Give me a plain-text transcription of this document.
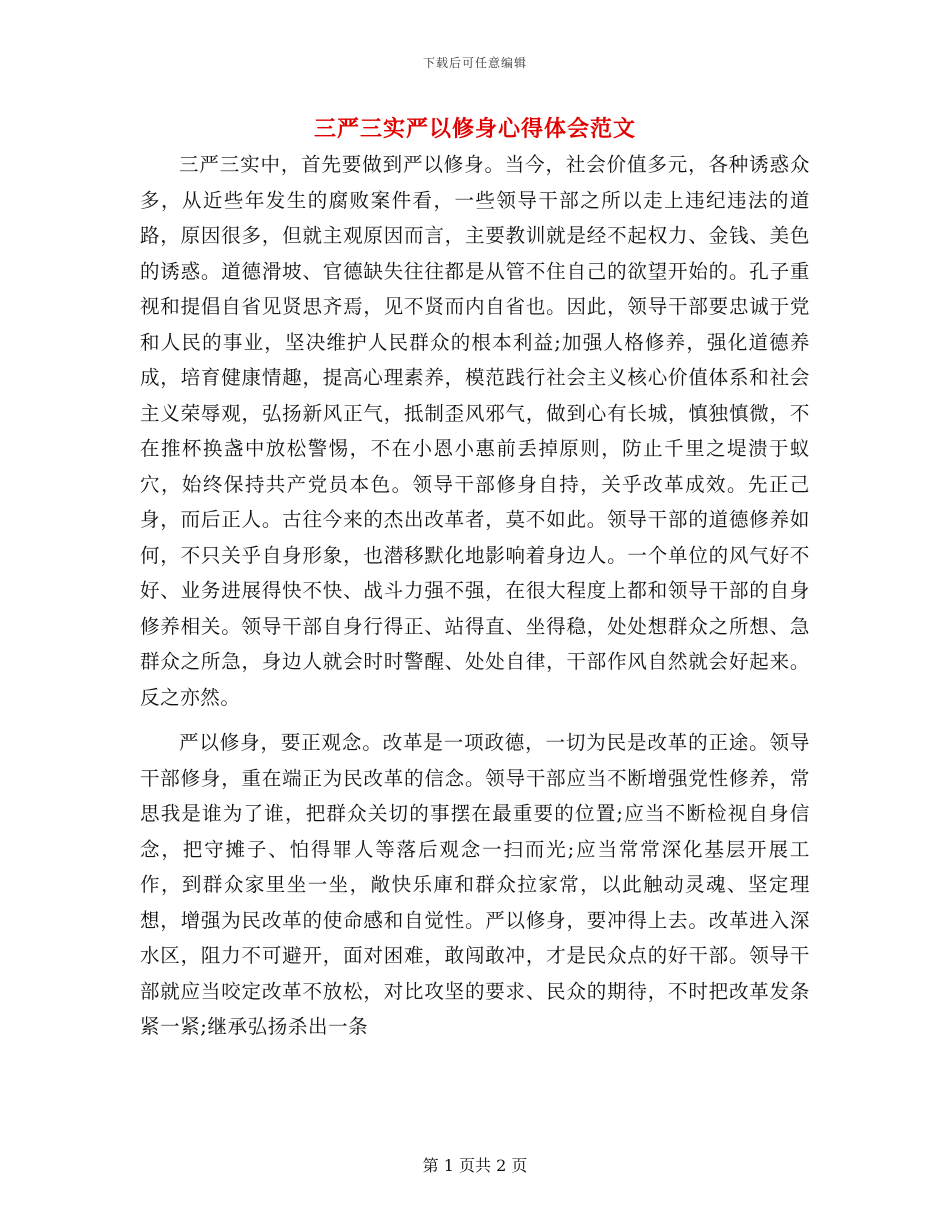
下载后可任意编辑
三严三实严以修身心得体会范文

三严三实中，首先要做到严以修身。当今，社会价值多元，各种诱惑众多，从近些年发生的腐败案件看，一些领导干部之所以走上违纪违法的道路，原因很多，但就主观原因而言，主要教训就是经不起权力、金钱、美色的诱惑。道德滑坡、官德缺失往往都是从管不住自己的欲望开始的。孔子重视和提倡自省见贤思齐焉，见不贤而内自省也。因此，领导干部要忠诚于党和人民的事业，坚决维护人民群众的根本利益;加强人格修养，强化道德养成，培育健康情趣，提高心理素养，模范践行社会主义核心价值体系和社会主义荣辱观，弘扬新风正气，抵制歪风邪气，做到心有长城，慎独慎微，不在推杯换盏中放松警惕，不在小恩小惠前丢掉原则，防止千里之堤溃于蚁穴，始终保持共产党员本色。领导干部修身自持，关乎改革成效。先正己身，而后正人。古往今来的杰出改革者，莫不如此。领导干部的道德修养如何，不只关乎自身形象，也潜移默化地影响着身边人。一个单位的风气好不好、业务进展得快不快、战斗力强不强，在很大程度上都和领导干部的自身修养相关。领导干部自身行得正、站得直、坐得稳，处处想群众之所想、急群众之所急，身边人就会时时警醒、处处自律，干部作风自然就会好起来。反之亦然。

严以修身，要正观念。改革是一项政德，一切为民是改革的正途。领导干部修身，重在端正为民改革的信念。领导干部应当不断增强党性修养，常思我是谁为了谁，把群众关切的事摆在最重要的位置;应当不断检视自身信念，把守摊子、怕得罪人等落后观念一扫而光;应当常常深化基层开展工作，到群众家里坐一坐，敞快乐庫和群众拉家常，以此触动灵魂、坚定理想，增强为民改革的使命感和自觉性。严以修身，要冲得上去。改革进入深水区，阻力不可避开，面对困难，敢闯敢冲，才是民众点的好干部。领导干部就应当咬定改革不放松，对比攻坚的要求、民众的期待，不时把改革发条紧一紧;继承弘扬杀出一条

第 1 页共 2 页
